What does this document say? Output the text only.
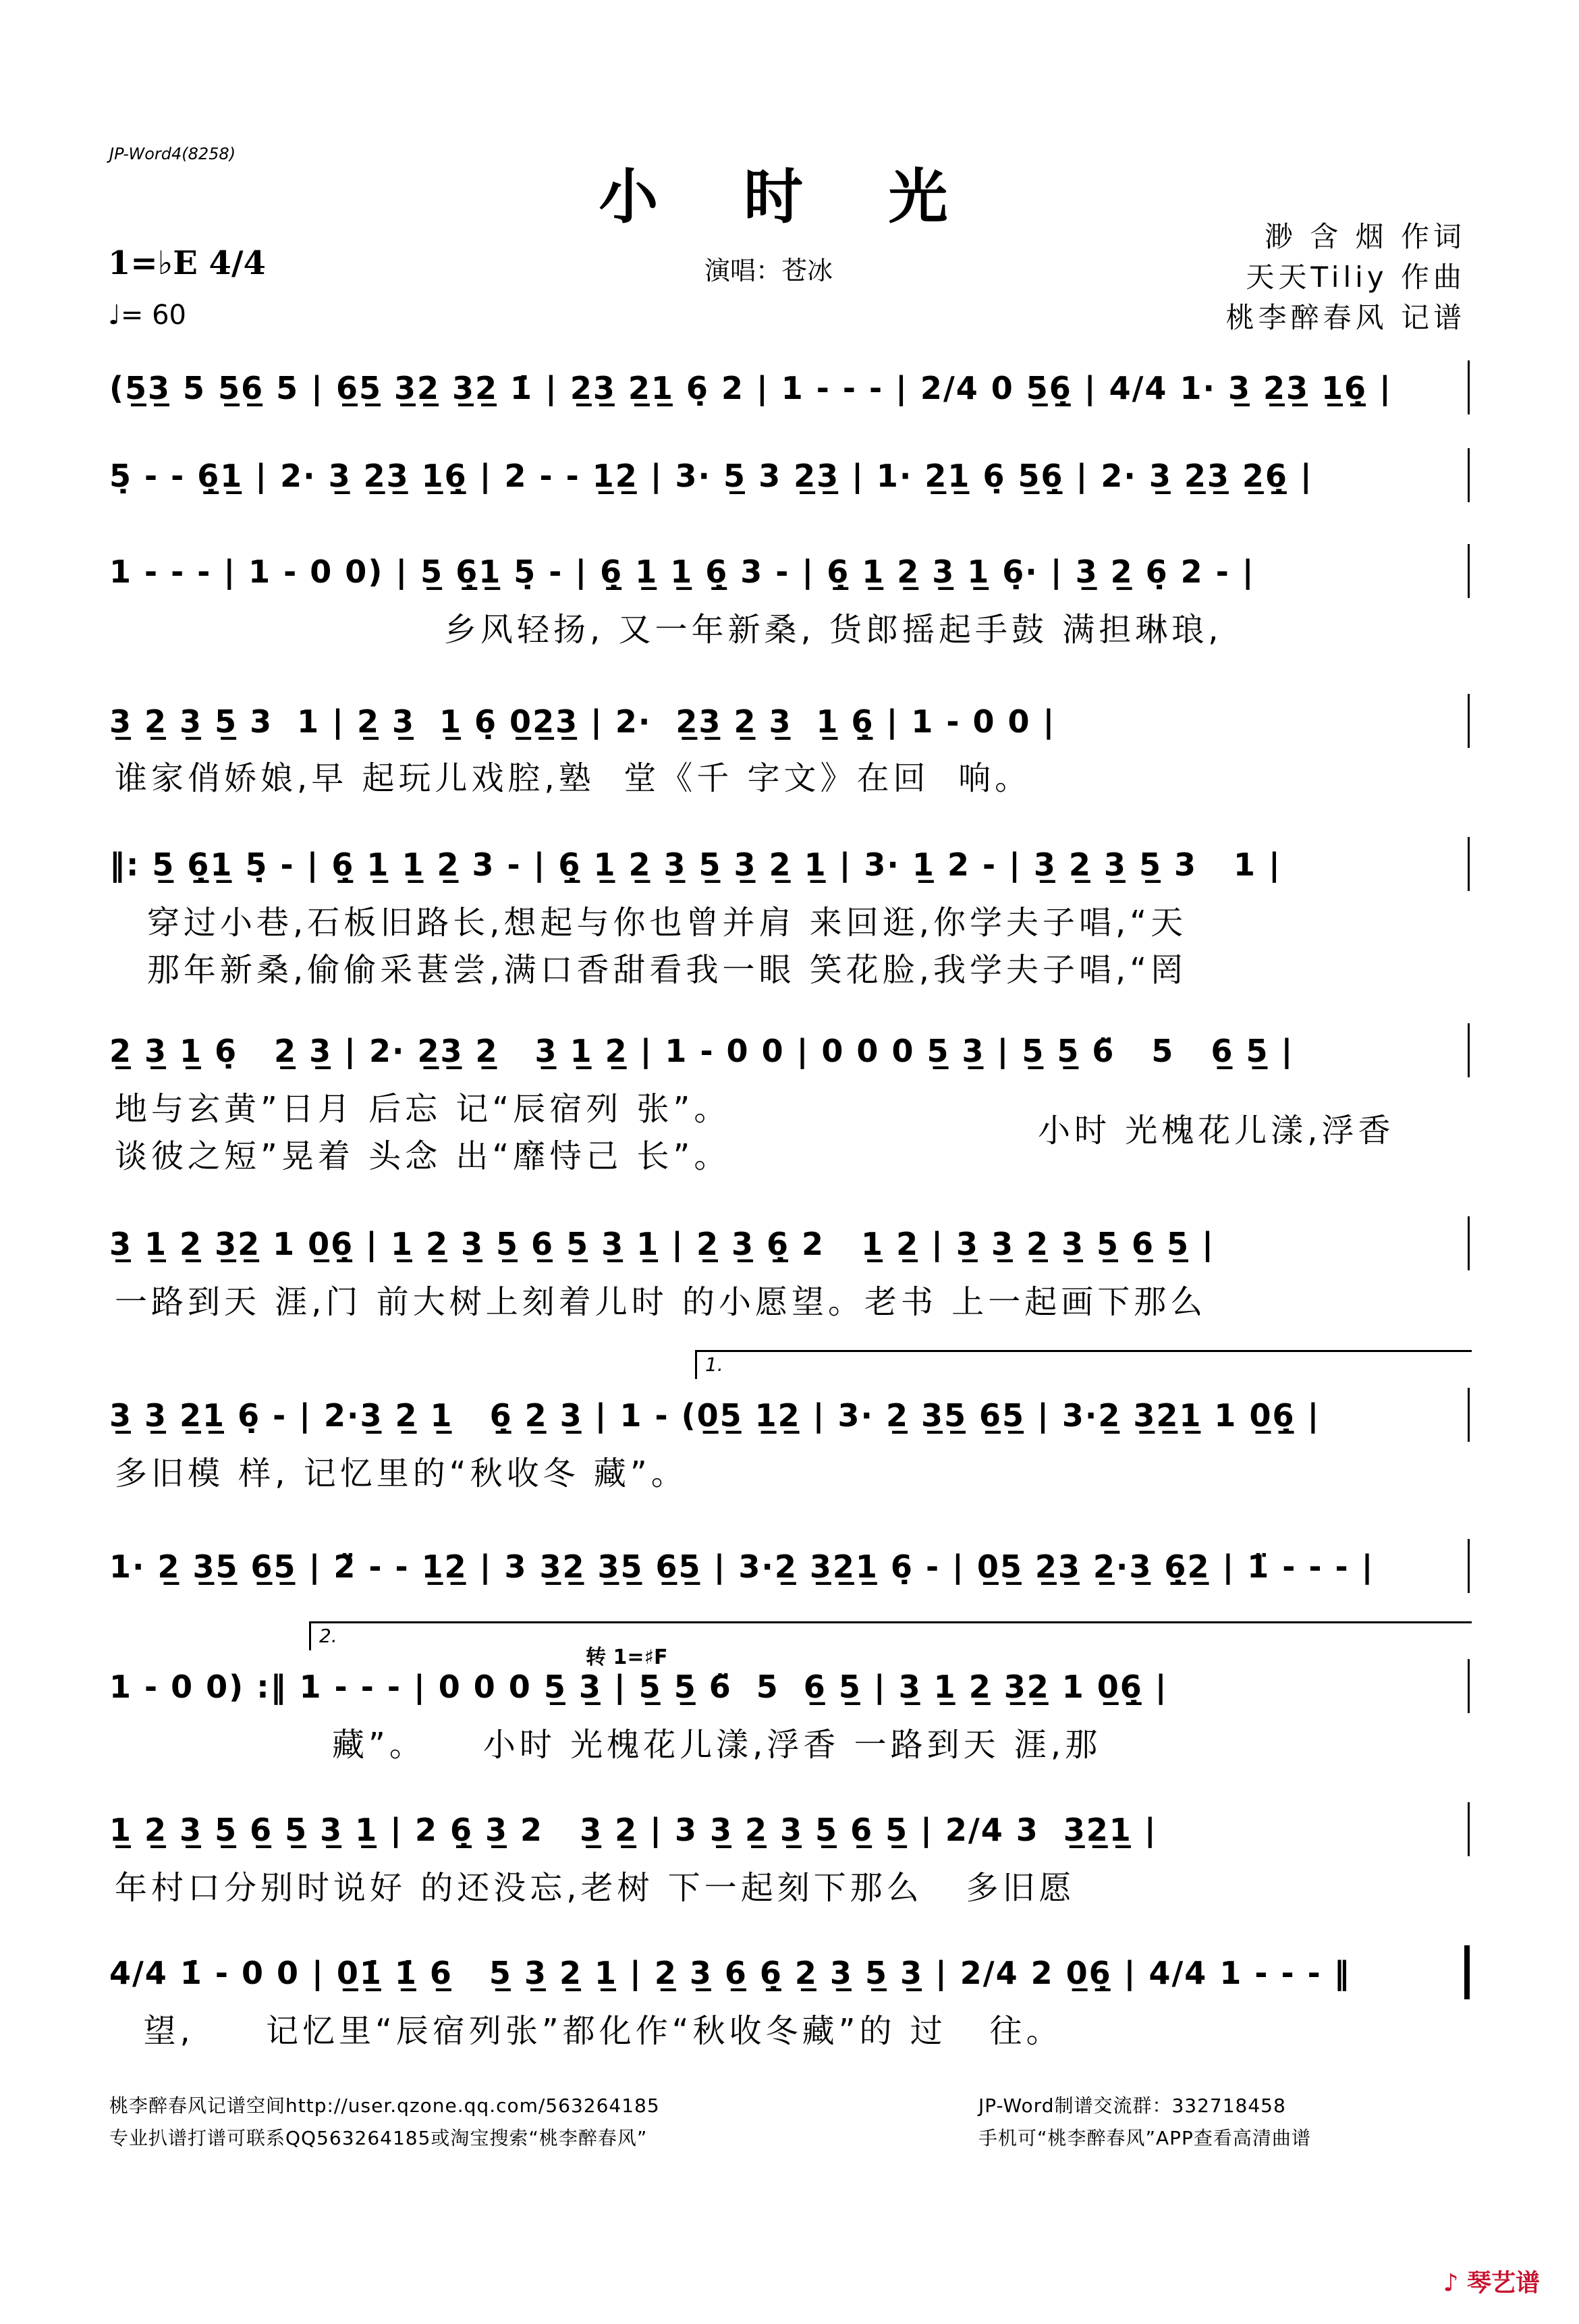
JP-Word4(8258)
小 时 光
1=♭E 4/4
♩= 60
演唱：苍冰
渺 含 烟 作词
天天Tiliy 作曲
桃李醉春风 记谱
(5̲3̲ 5 5̲6̲ 5 | 6̲5̲ 3̲2̲ 3̲2̲ 1̇ | 2̲3̲ 2̲1̲ 6̣ 2 | 1 - - - | 2/4 0 5̲6̣̲ | 4/4 1· 3̲ 2̲3̲ 1̲6̣̲ |
5̣ - - 6̣̲1̲ | 2· 3̲ 2̲3̲ 1̲6̣̲ | 2 - - 1̲2̲ | 3· 5̲ 3 2̲3̲ | 1· 2̲1̲ 6̣ 5̲6̣̲ | 2· 3̲ 2̲3̲ 2̲6̣̲ |
1 - - - | 1 - 0 0) | 5̲ 6̣̲1̲ 5̣ - | 6̣̲ 1̲ 1̲ 6̣̲ 3 - | 6̣̲ 1̲ 2̲ 3̲ 1̲ 6̣· | 3̲ 2̲ 6̣ 2 - |
乡风轻扬, 又一年新桑, 货郎摇起手鼓 满担琳琅,
3̲ 2̲ 3̲ 5̲ 3  1 | 2̲ 3̲  1̲ 6̣ 0̲2̲3̲ | 2·  2̲3̲ 2̲ 3̲  1̲ 6̣̲ | 1 - 0 0 |
谁家俏娇娘,早 起玩儿戏腔,塾  堂《千 字文》在回  响。
‖: 5̲ 6̣̲1̲ 5̣ - | 6̣̲ 1̲ 1̲ 2̲ 3 - | 6̣̲ 1̲ 2̲ 3̲ 5̲ 3̲ 2̲ 1̲ | 3· 1̲ 2 - | 3̲ 2̲ 3̲ 5̲ 3   1 |
穿过小巷,石板旧路长,想起与你也曾并肩 来回逛,你学夫子唱,“天
那年新桑,偷偷采葚尝,满口香甜看我一眼 笑花脸,我学夫子唱,“罔
2̲ 3̲ 1̲ 6̣   2̲ 3̲ | 2· 2̲3̲ 2̲   3̲ 1̲ 2̲ | 1 - 0 0 | 0 0 0 5̲ 3̲ | 5̲ 5̲ 6̈   5   6̲ 5̲ |
地与玄黄”日月 后忘 记“辰宿列 张”。
谈彼之短”晃着 头念 出“靡恃己 长”。
小时 光槐花儿漾,浮香
3̲ 1̲ 2̲ 3̲2̲ 1 0̲6̣̲ | 1̲ 2̲ 3̲ 5̲ 6̲ 5̲ 3̲ 1̲ | 2̲ 3̲ 6̣̲ 2   1̲ 2̲ | 3̲ 3̲ 2̲ 3̲ 5̲ 6̲ 5̲ |
一路到天 涯,门 前大树上刻着儿时 的小愿望。老书 上一起画下那么
1.
3̲ 3̲ 2̲1̲ 6̣ - | 2·3̲ 2̲ 1̲   6̣̲ 2̲ 3̲ | 1 - (0̲5̲ 1̲2̲ | 3· 2̲ 3̲5̲ 6̲5̲ | 3·2̲ 3̲2̲1̲ 1 0̲6̣̲ |
多旧模 样, 记忆里的“秋收冬 藏”。
1· 2̲ 3̲5̲ 6̲5̲ | 2̈ - - 1̲2̲ | 3 3̲2̲ 3̲5̲ 6̲5̲ | 3·2̲ 3̲2̲1̲ 6̣ - | 0̲5̲ 2̲3̲ 2̲·3̲ 6̣̲2̲ | 1̈ - - - |
2.
转 1=♯F
1 - 0 0) :‖ 1 - - - | 0 0 0 5̲ 3̲ | 5̲ 5̲ 6̈  5  6̲ 5̲ | 3̲ 1̲ 2̲ 3̲2̲ 1 0̲6̣̲ |
藏”。    小时 光槐花儿漾,浮香 一路到天 涯,那
1̲ 2̲ 3̲ 5̲ 6̲ 5̲ 3̲ 1̲ | 2 6̣̲ 3̲ 2   3̲ 2̲ | 3 3̲ 2̲ 3̲ 5̲ 6̲ 5̲ | 2/4 3  3̲2̲1̲ |
年村口分别时说好 的还没忘,老树 下一起刻下那么   多旧愿
4/4 1̇ - 0 0 | 0̲1̲̇ 1̲̇ 6̲   5̲ 3̲ 2̲ 1̲ | 2̲ 3̲ 6̲ 6̣̲ 2̲ 3̲ 5̲ 3̲ | 2/4 2 0̲6̣̲ | 4/4 1 - - - ‖
望,     记忆里“辰宿列张”都化作“秋收冬藏”的 过   往。
桃李醉春风记谱空间http://user.qzone.qq.com/563264185
专业扒谱打谱可联系QQ563264185或淘宝搜索“桃李醉春风”
JP-Word制谱交流群：332718458
手机可“桃李醉春风”APP查看高清曲谱
♪ 琴艺谱
